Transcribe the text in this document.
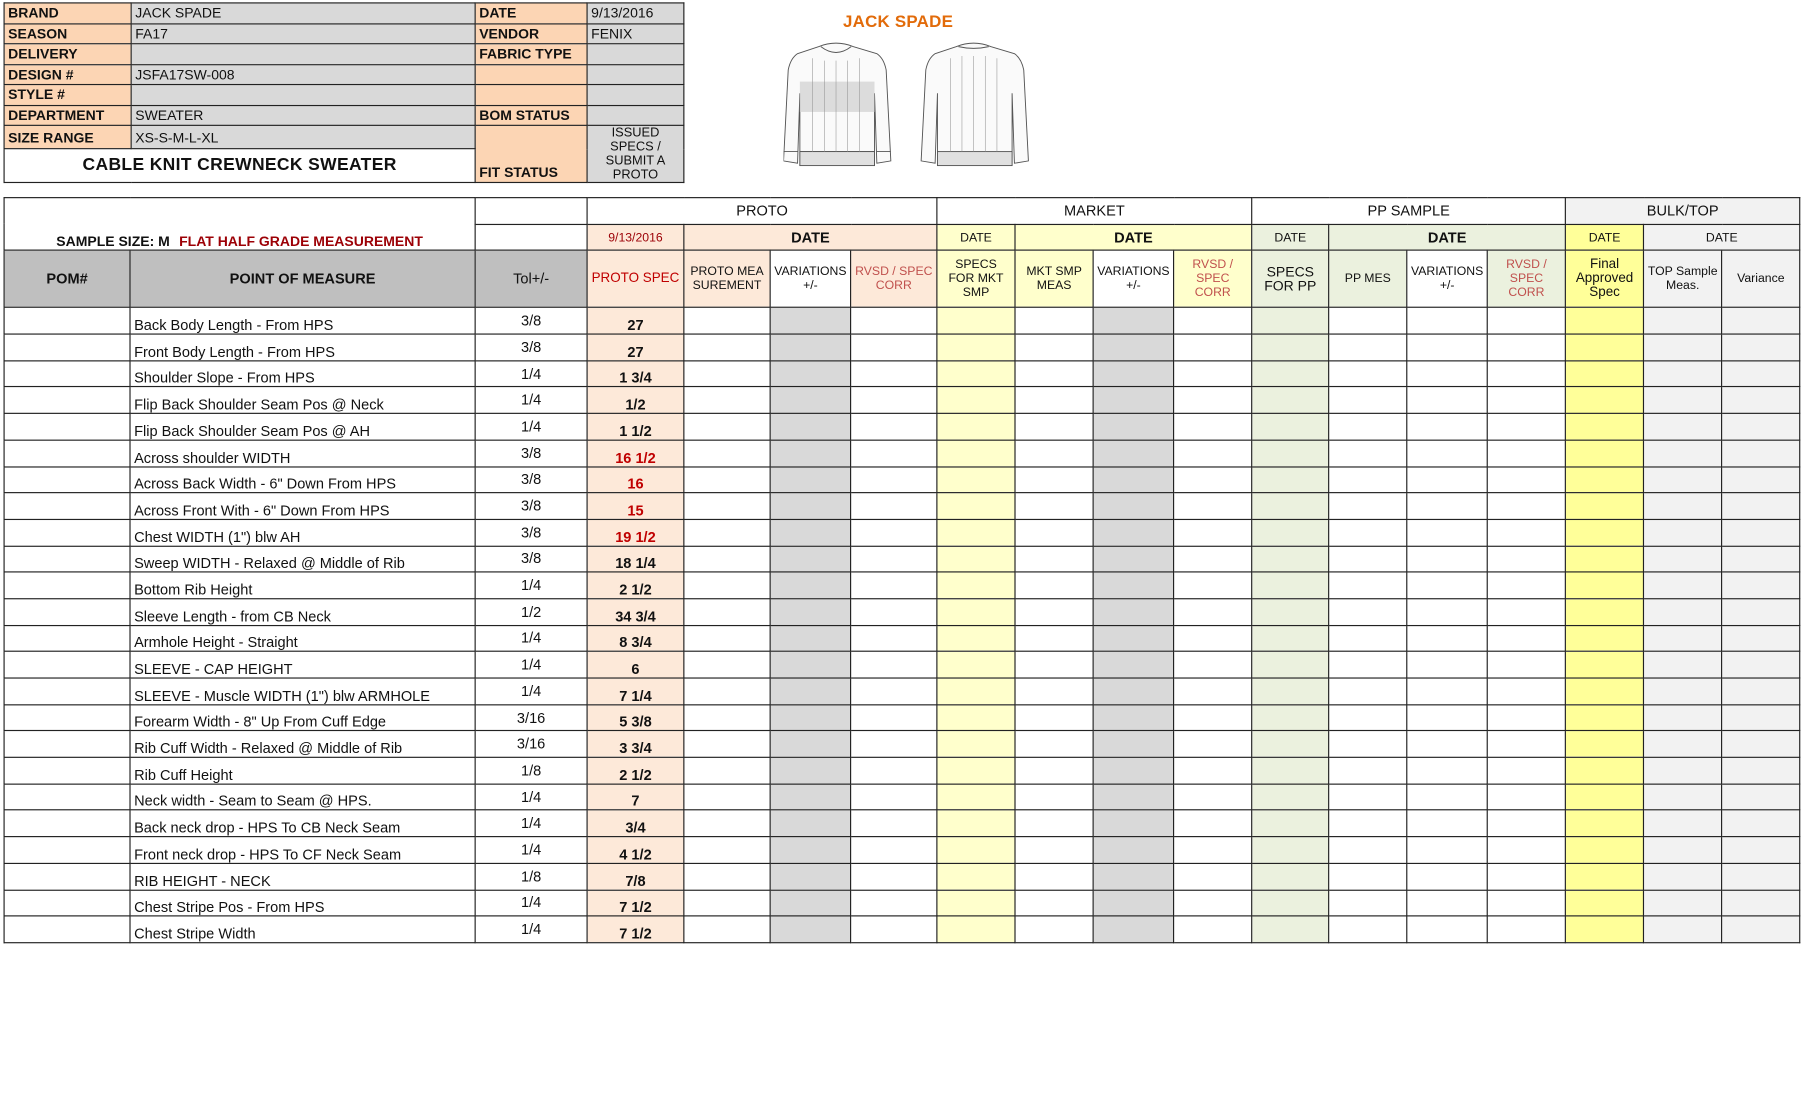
BRAND	JACK SPADE	DATE	9/13/2016
SEASON	FA17	VENDOR	FENIX
DELIVERY		FABRIC TYPE	
DESIGN #	JSFA17SW-008		
STYLE #			
DEPARTMENT	SWEATER	BOM STATUS	
SIZE RANGE	XS-S-M-L-XL	FIT STATUS	ISSUED SPECS / SUBMIT A PROTO
CABLE KNIT CREWNECK SWEATER			
JACK SPADE
SAMPLE SIZE: M FLAT HALF GRADE MEASUREMENT			PROTO				MARKET				PP SAMPLE				BULK/TOP		
			9/13/2016	DATE			DATE	DATE			DATE	DATE			DATE	DATE	
POM#	POINT OF MEASURE	Tol+/-	PROTO SPEC	PROTO MEASUREMENT	VARIATIONS +/-	RVSD / SPEC CORR	SPECS FOR MKT SMP	MKT SMP MEAS	VARIATIONS +/-	RVSD / SPEC CORR	SPECS FOR PP	PP MES	VARIATIONS +/-	RVSD / SPEC CORR	Final Approved Spec	TOP Sample Meas.	Variance
	Back Body Length - From HPS	3/8	27														
	Front Body Length - From HPS	3/8	27														
	Shoulder Slope - From HPS	1/4	1 3/4														
	Flip Back Shoulder Seam Pos @ Neck	1/4	1/2														
	Flip Back Shoulder Seam Pos @ AH	1/4	1 1/2														
	Across shoulder WIDTH	3/8	16 1/2														
	Across Back Width - 6" Down From HPS	3/8	16														
	Across Front With - 6" Down From HPS	3/8	15														
	Chest WIDTH (1") blw AH	3/8	19 1/2														
	Sweep WIDTH - Relaxed @ Middle of Rib	3/8	18 1/4														
	Bottom Rib Height	1/4	2 1/2														
	Sleeve Length - from CB Neck	1/2	34 3/4														
	Armhole Height - Straight	1/4	8 3/4														
	SLEEVE - CAP HEIGHT	1/4	6														
	SLEEVE - Muscle WIDTH (1") blw ARMHOLE	1/4	7 1/4														
	Forearm Width - 8" Up From Cuff Edge	3/16	5 3/8														
	Rib Cuff Width - Relaxed @ Middle of Rib	3/16	3 3/4														
	Rib Cuff Height	1/8	2 1/2														
	Neck width - Seam to Seam @ HPS.	1/4	7														
	Back neck drop - HPS To CB Neck Seam	1/4	3/4														
	Front neck drop - HPS To CF Neck Seam	1/4	4 1/2														
	RIB HEIGHT - NECK	1/8	7/8														
	Chest Stripe Pos - From HPS	1/4	7 1/2														
	Chest Stripe Width	1/4	7 1/2														
